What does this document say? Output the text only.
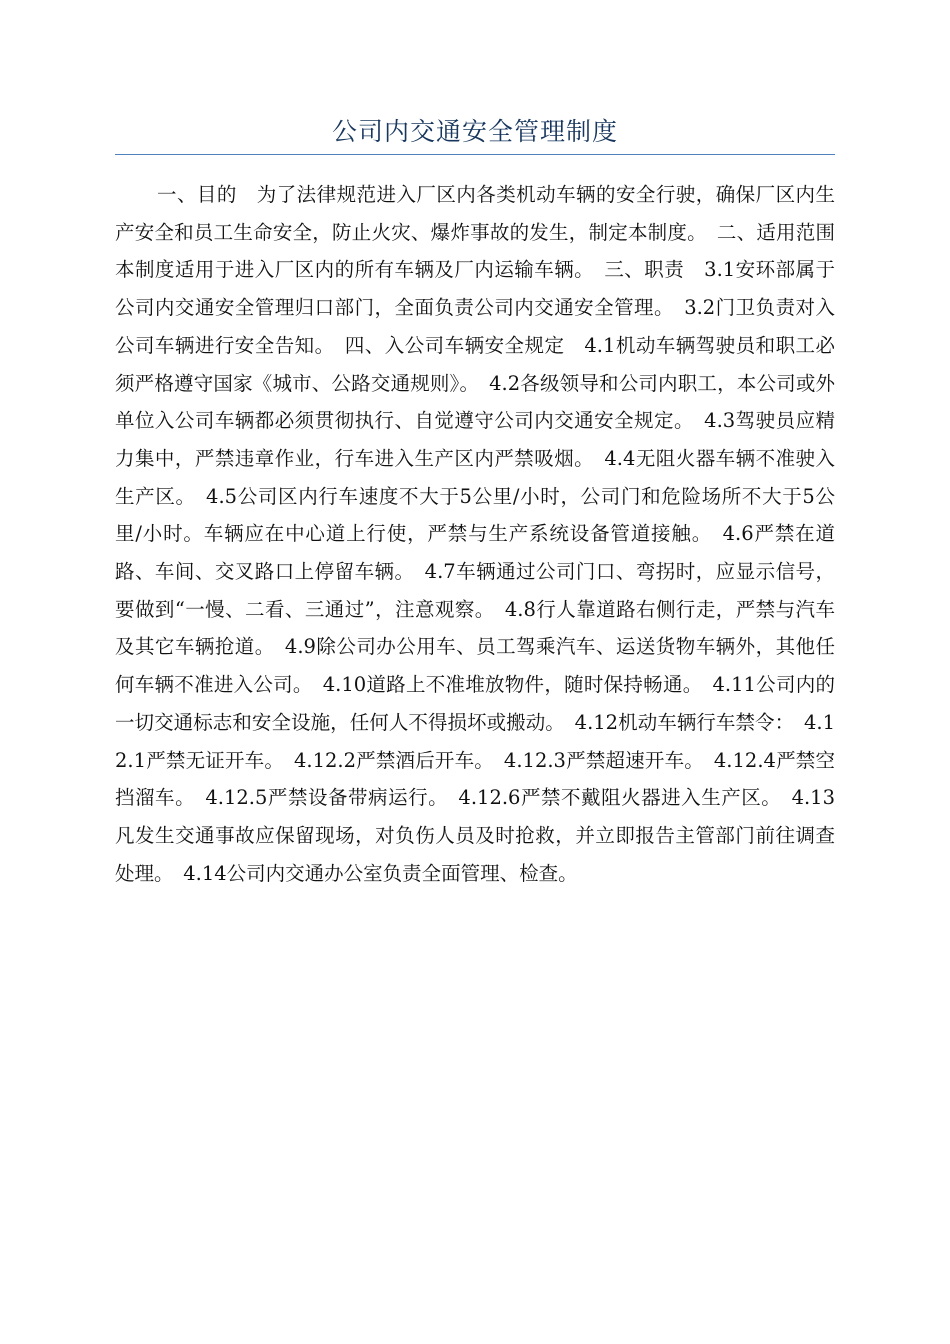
公司内交通安全管理制度

一、目的　为了法律规范进入厂区内各类机动车辆的安全行驶，确保厂区内生产安全和员工生命安全，防止火灾、爆炸事故的发生，制定本制度。　二、适用范围　本制度适用于进入厂区内的所有车辆及厂内运输车辆。　三、职责　3.1安环部属于公司内交通安全管理归口部门，全面负责公司内交通安全管理。　3.2门卫负责对入公司车辆进行安全告知。　四、入公司车辆安全规定　4.1机动车辆驾驶员和职工必须严格遵守国家《城市、公路交通规则》。　4.2各级领导和公司内职工，本公司或外单位入公司车辆都必须贯彻执行、自觉遵守公司内交通安全规定。　4.3驾驶员应精力集中，严禁违章作业，行车进入生产区内严禁吸烟。　4.4无阻火器车辆不准驶入生产区。　4.5公司区内行车速度不大于5公里/小时，公司门和危险场所不大于5公里/小时。车辆应在中心道上行使，严禁与生产系统设备管道接触。　4.6严禁在道路、车间、交叉路口上停留车辆。　4.7车辆通过公司门口、弯拐时，应显示信号，要做到“一慢、二看、三通过”，注意观察。　4.8行人靠道路右侧行走，严禁与汽车及其它车辆抢道。　4.9除公司办公用车、员工驾乘汽车、运送货物车辆外，其他任何车辆不准进入公司。　4.10道路上不准堆放物件，随时保持畅通。　4.11公司内的一切交通标志和安全设施，任何人不得损坏或搬动。　4.12机动车辆行车禁令：　4.12.1严禁无证开车。　4.12.2严禁酒后开车。　4.12.3严禁超速开车。　4.12.4严禁空挡溜车。　4.12.5严禁设备带病运行。　4.12.6严禁不戴阻火器进入生产区。　4.13凡发生交通事故应保留现场，对负伤人员及时抢救，并立即报告主管部门前往调查处理。　4.14公司内交通办公室负责全面管理、检查。
